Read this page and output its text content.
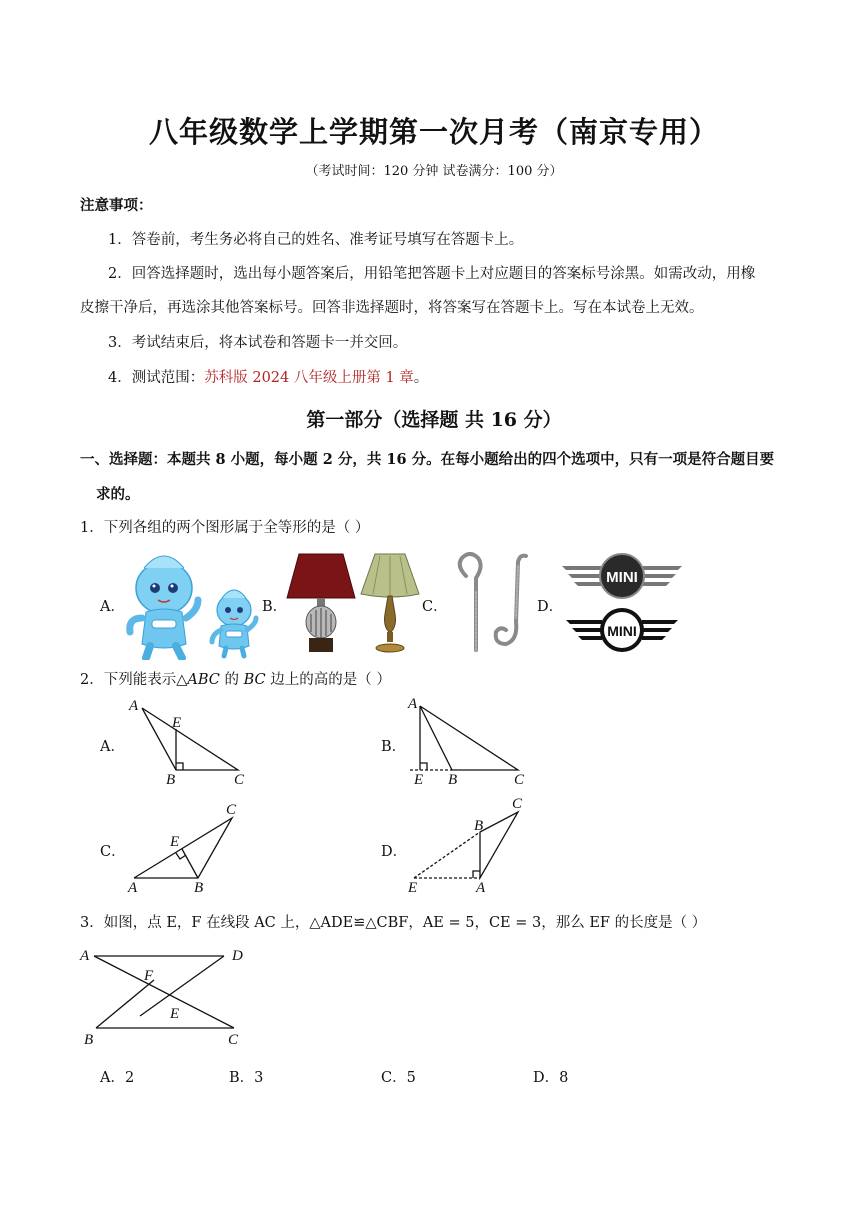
八年级数学上学期第一次月考（南京专用）
（考试时间：120 分钟 试卷满分：100 分）
注意事项：
1．答卷前，考生务必将自己的姓名、准考证号填写在答题卡上。
2．回答选择题时，选出每小题答案后，用铅笔把答题卡上对应题目的答案标号涂黑。如需改动，用橡
皮擦干净后，再选涂其他答案标号。回答非选择题时，将答案写在答题卡上。写在本试卷上无效。
3．考试结束后，将本试卷和答题卡一并交回。
4．测试范围：苏科版 2024 八年级上册第 1 章。
第一部分（选择题 共 16 分）
一、选择题：本题共 8 小题，每小题 2 分，共 16 分。在每小题给出的四个选项中，只有一项是符合题目要
求的。
1．下列各组的两个图形属于全等形的是（ ）
A．	B．	C．	D．
MINI
MINI
2．下列能表示△ABC 的 BC 边上的高的是（ ）
A．	B．
C．	D．
A
E
B	C
A
E B	C
C
E
A	B
C
B
E	A
3．如图，点 E，F 在线段 AC 上，△ADE≌△CBF，AE = 5，CE = 3，那么 EF 的长度是（ ）
A	D
F
E
B	C
A．2	B．3	C．5	D．8
